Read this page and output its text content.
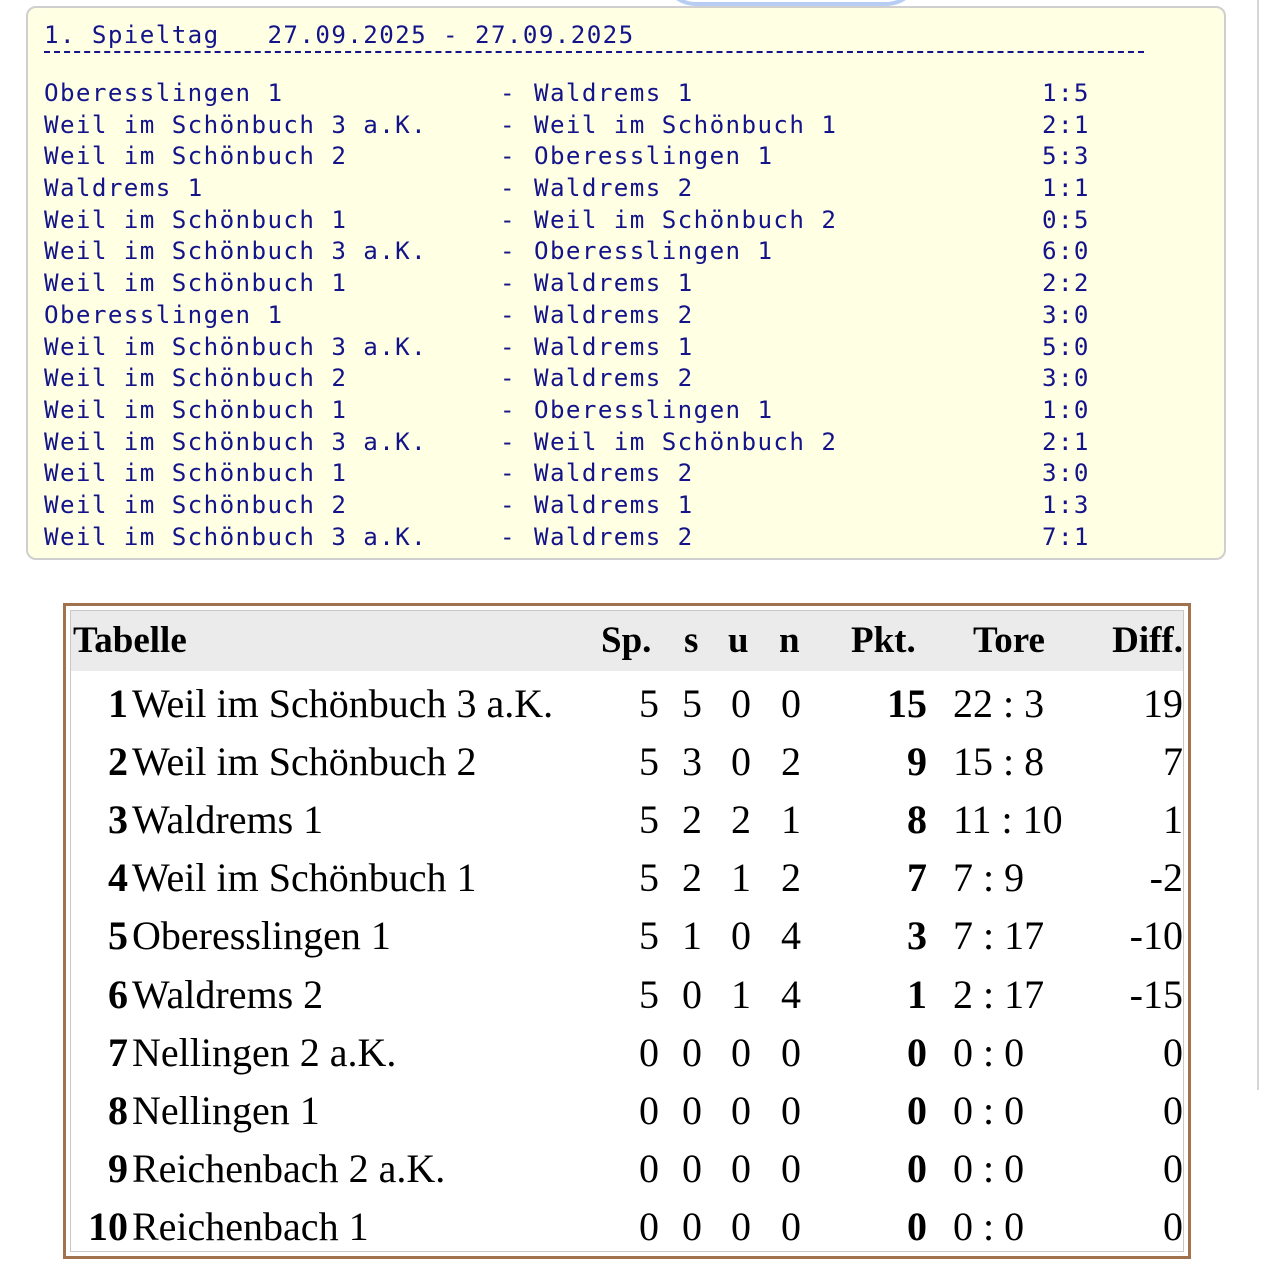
1. Spieltag   27.09.2025 - 27.09.2025

Oberesslingen 1	- Waldrems 1	1:5
Weil im Schönbuch 3 a.K.	- Weil im Schönbuch 1	2:1
Weil im Schönbuch 2	- Oberesslingen 1	5:3
Waldrems 1	- Waldrems 2	1:1
Weil im Schönbuch 1	- Weil im Schönbuch 2	0:5
Weil im Schönbuch 3 a.K.	- Oberesslingen 1	6:0
Weil im Schönbuch 1	- Waldrems 1	2:2
Oberesslingen 1	- Waldrems 2	3:0
Weil im Schönbuch 3 a.K.	- Waldrems 1	5:0
Weil im Schönbuch 2	- Waldrems 2	3:0
Weil im Schönbuch 1	- Oberesslingen 1	1:0
Weil im Schönbuch 3 a.K.	- Weil im Schönbuch 2	2:1
Weil im Schönbuch 1	- Waldrems 2	3:0
Weil im Schönbuch 2	- Waldrems 1	1:3
Weil im Schönbuch 3 a.K.	- Waldrems 2	7:1

Tabelle	Sp. s u n Pkt. Tore Diff.
1 Weil im Schönbuch 3 a.K. 5 5 0 0 15 22 : 3 19
2 Weil im Schönbuch 2	5 3 0 2	9 15 : 8	7
3 Waldrems 1	5 2 2 1	8 11 : 10	1
4 Weil im Schönbuch 1	5 2 1 2	7 7 : 9	-2
5 Oberesslingen 1	5 1 0 4	3 7 : 17 -10
6 Waldrems 2	5 0 1 4	1 2 : 17 -15
7 Nellingen 2 a.K.	0 0 0 0	0 0 : 0	0
8 Nellingen 1	0 0 0 0	0 0 : 0	0
9 Reichenbach 2 a.K.	0 0 0 0	0 0 : 0	0
10 Reichenbach 1	0 0 0 0	0 0 : 0	0
